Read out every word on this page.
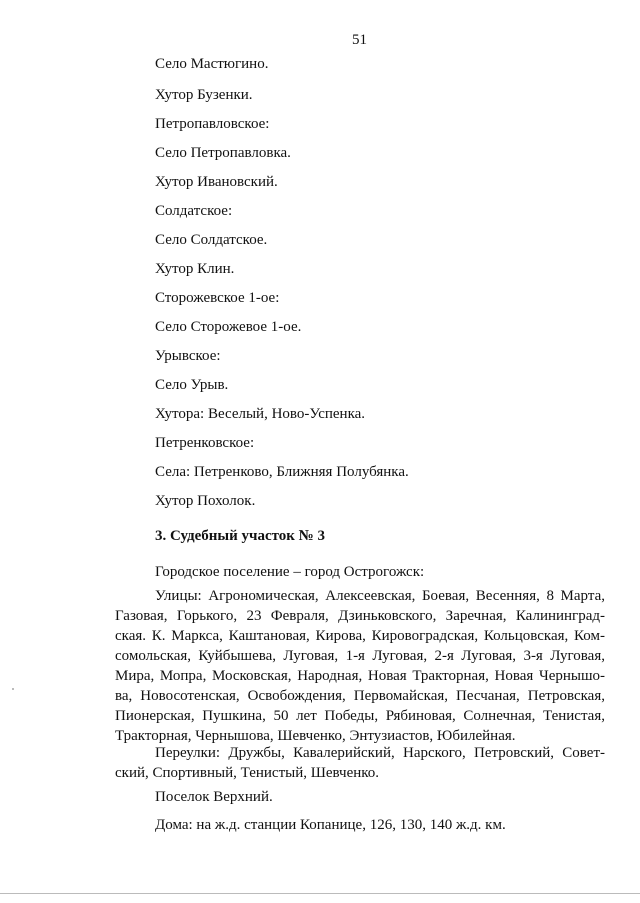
51
Село Мастюгино.
Хутор Бузенки.
Петропавловское:
Село Петропавловка.
Хутор Ивановский.
Солдатское:
Село Солдатское.
Хутор Клин.
Сторожевское 1-ое:
Село Сторожевое 1-ое.
Урывское:
Село Урыв.
Хутора: Веселый, Ново-Успенка.
Петренковское:
Села: Петренково, Ближняя Полубянка.
Хутор Похолок.
3. Судебный участок № 3
Городское поселение – город Острогожск:
Улицы: Агрономическая, Алексеевская, Боевая, Весенняя, 8 Марта,
Газовая, Горького, 23 Февраля, Дзиньковского, Заречная, Калининград-
ская. К. Маркса, Каштановая, Кирова, Кировоградская, Кольцовская, Ком-
сомольская, Куйбышева, Луговая, 1-я Луговая, 2-я Луговая, 3-я Луговая,
Мира, Мопра, Московская, Народная, Новая Тракторная, Новая Чернышо-
ва, Новосотенская, Освобождения, Первомайская, Песчаная, Петровская,
Пионерская, Пушкина, 50 лет Победы, Рябиновая, Солнечная, Тенистая,
Тракторная, Чернышова, Шевченко, Энтузиастов, Юбилейная.
Переулки: Дружбы, Кавалерийский, Нарского, Петровский, Совет-
ский, Спортивный, Тенистый, Шевченко.
Поселок Верхний.
Дома: на ж.д. станции Копанице, 126, 130, 140 ж.д. км.
